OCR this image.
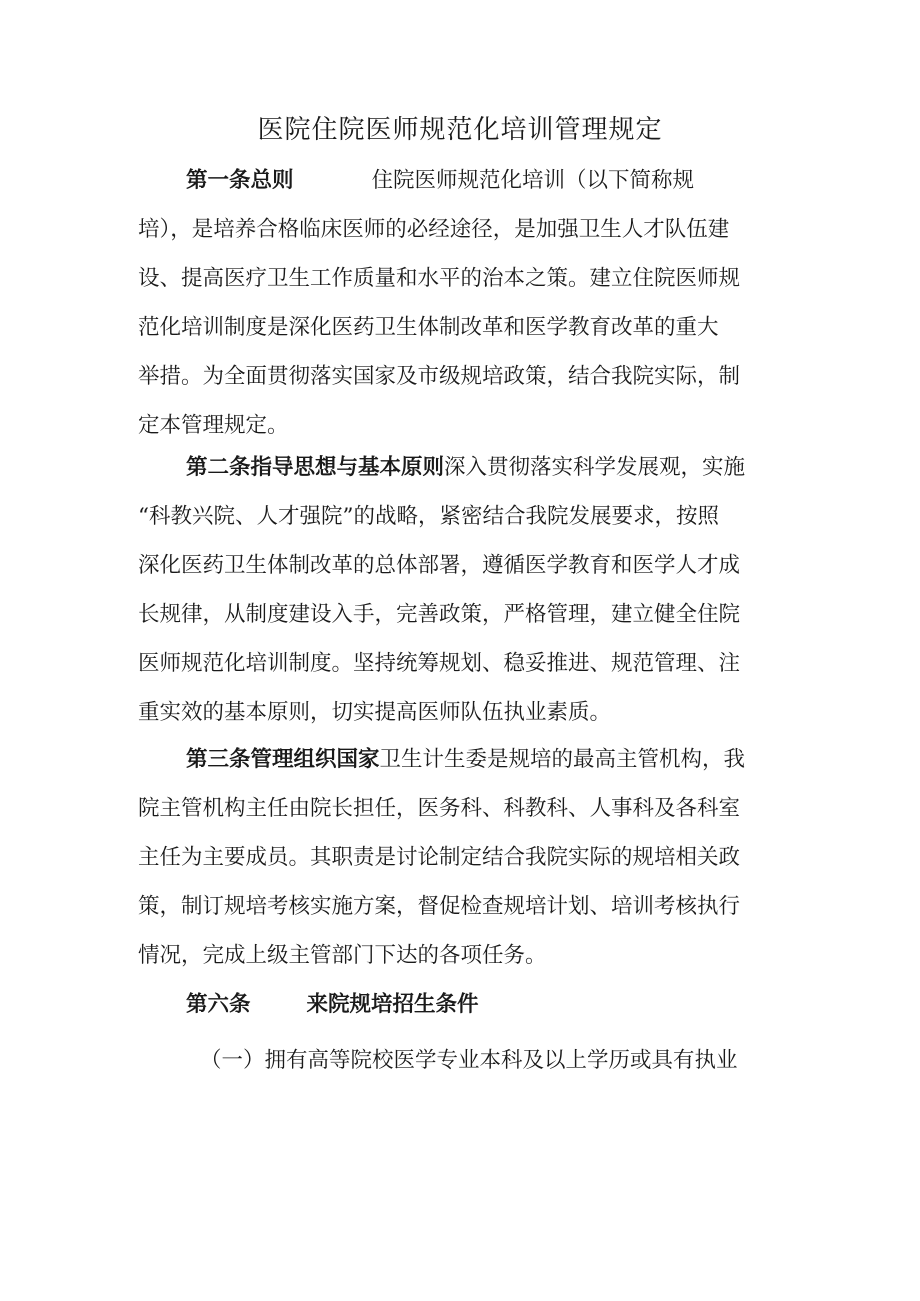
医院住院医师规范化培训管理规定
第一条总则	住院医师规范化培训（以下简称规
培），是培养合格临床医师的必经途径，是加强卫生人才队伍建
设、提高医疗卫生工作质量和水平的治本之策。建立住院医师规
范化培训制度是深化医药卫生体制改革和医学教育改革的重大
举措。为全面贯彻落实国家及市级规培政策，结合我院实际，制
定本管理规定。
第二条指导思想与基本原则深入贯彻落实科学发展观，实施
“科教兴院、人才强院”的战略，紧密结合我院发展要求，按照
深化医药卫生体制改革的总体部署，遵循医学教育和医学人才成
长规律，从制度建设入手，完善政策，严格管理，建立健全住院
医师规范化培训制度。坚持统筹规划、稳妥推进、规范管理、注
重实效的基本原则，切实提高医师队伍执业素质。
第三条管理组织国家卫生计生委是规培的最高主管机构，我
院主管机构主任由院长担任，医务科、科教科、人事科及各科室
主任为主要成员。其职责是讨论制定结合我院实际的规培相关政
策，制订规培考核实施方案，督促检查规培计划、培训考核执行
情况，完成上级主管部门下达的各项任务。
第六条	来院规培招生条件
（一）拥有高等院校医学专业本科及以上学历或具有执业
